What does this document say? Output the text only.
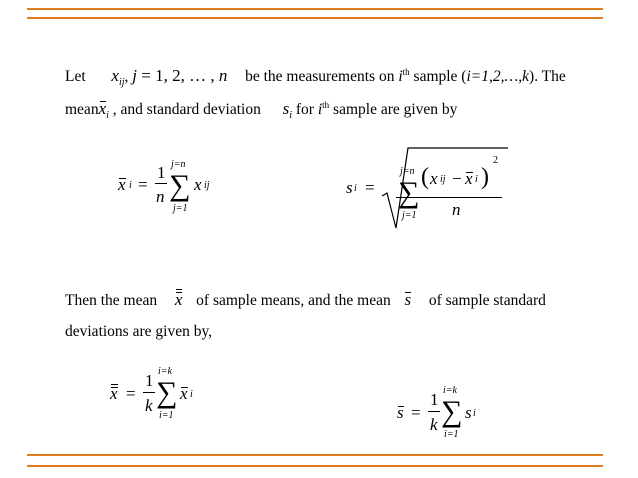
Let $x_{ij}$, j = 1, 2, … , n be the measurements on $i^{th}$ sample (i=1,2,…,k). The
meanx$_i$ , and standard deviation $s_i$ for $i^{th}$ sample are given by
x i =
1
n
j=n
∑
j=1
x ij	s i =
j=n
∑
j=1
( x ij − x i )
2
n
Then the mean x of sample means, and the mean s of sample standard
deviations are given by,
x =
1
k
i=k
∑
i=1
x i
s =
1
k
i=k
∑
i=1
s i
